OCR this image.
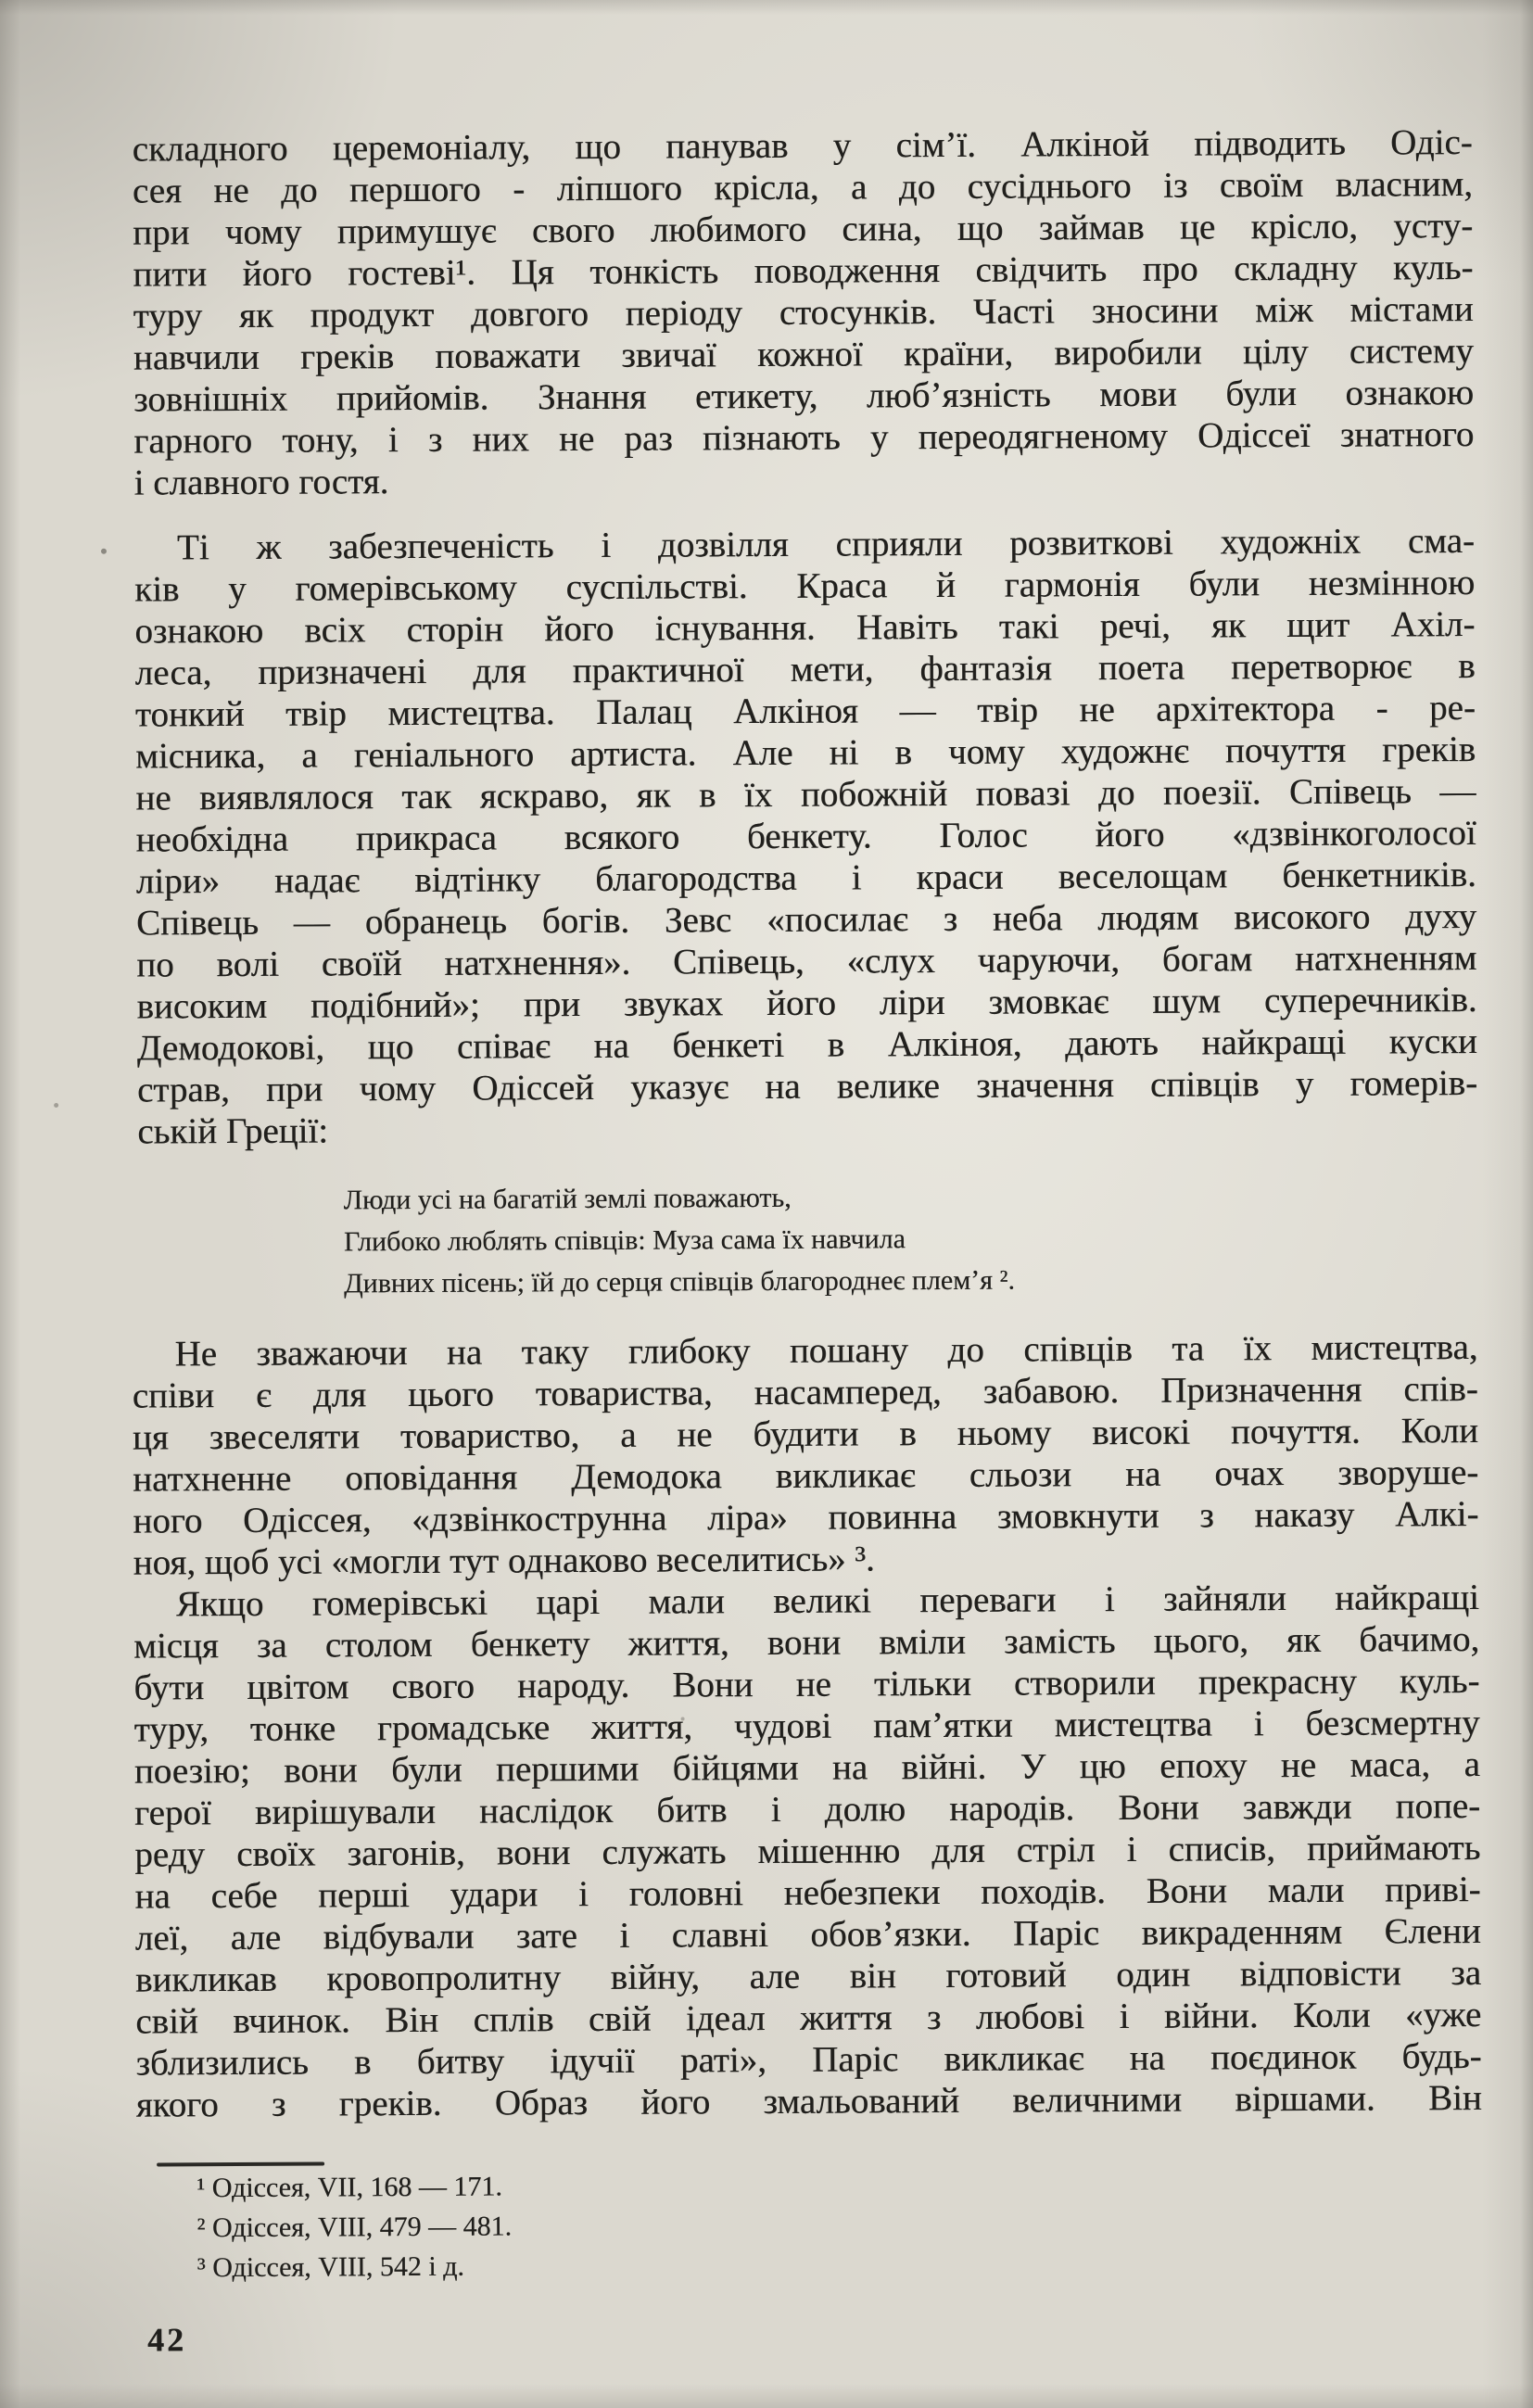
складного церемоніалу, що панував у сім’ї. Алкіной підводить Одіс-
сея не до першого - ліпшого крісла, а до сусіднього із своїм власним,
при чому примушує свого любимого сина, що займав це крісло, усту-
пити його гостеві¹. Ця тонкість поводження свідчить про складну куль-
туру як продукт довгого періоду стосунків. Часті зносини між містами
навчили греків поважати звичаї кожної країни, виробили цілу систему
зовнішніх прийомів. Знання етикету, люб’язність мови були ознакою
гарного тону, і з них не раз пізнають у переодягненому Одіссеї знатного
і славного гостя.
Ті ж забезпеченість і дозвілля сприяли розвиткові художніх сма-
ків у гомерівському суспільстві. Краса й гармонія були незмінною
ознакою всіх сторін його існування. Навіть такі речі, як щит Ахіл-
леса, призначені для практичної мети, фантазія поета перетворює в
тонкий твір мистецтва. Палац Алкіноя — твір не архітектора - ре-
місника, а геніального артиста. Але ні в чому художнє почуття греків
не виявлялося так яскраво, як в їх побожній повазі до поезії. Співець —
необхідна прикраса всякого бенкету. Голос його «дзвінкоголосої
ліри» надає відтінку благородства і краси веселощам бенкетників.
Співець — обранець богів. Зевс «посилає з неба людям високого духу
по волі своїй натхнення». Співець, «слух чаруючи, богам натхненням
високим подібний»; при звуках його ліри змовкає шум суперечників.
Демодокові, що співає на бенкеті в Алкіноя, дають найкращі куски
страв, при чому Одіссей указує на велике значення співців у гомерів-
ській Греції:
Люди усі на багатій землі поважають,
Глибоко люблять співців: Муза сама їх навчила
Дивних пісень; їй до серця співців благороднеє плем’я ².
Не зважаючи на таку глибоку пошану до співців та їх мистецтва,
співи є для цього товариства, насамперед, забавою. Призначення спів-
ця звеселяти товариство, а не будити в ньому високі почуття. Коли
натхненне оповідання Демодока викликає сльози на очах зворуше-
ного Одіссея, «дзвінкострунна ліра» повинна змовкнути з наказу Алкі-
ноя, щоб усі «могли тут однаково веселитись» ³.
Якщо гомерівські царі мали великі переваги і зайняли найкращі
місця за столом бенкету життя, вони вміли замість цього, як бачимо,
бути цвітом свого народу. Вони не тільки створили прекрасну куль-
туру, тонке громадське життя, чудові пам’ятки мистецтва і безсмертну
поезію; вони були першими бійцями на війні. У цю епоху не маса, а
герої вирішували наслідок битв і долю народів. Вони завжди попе-
реду своїх загонів, вони служать мішенню для стріл і списів, приймають
на себе перші удари і головні небезпеки походів. Вони мали приві-
леї, але відбували зате і славні обов’язки. Паріс викраденням Єлени
викликав кровопролитну війну, але він готовий один відповісти за
свій вчинок. Він сплів свій ідеал життя з любові і війни. Коли «уже
зблизились в битву ідучії раті», Паріс викликає на поєдинок будь-
якого з греків. Образ його змальований величними віршами. Він
¹ Одіссея, VII, 168 — 171.
² Одіссея, VIII, 479 — 481.
³ Одіссея, VIII, 542 і д.
42
